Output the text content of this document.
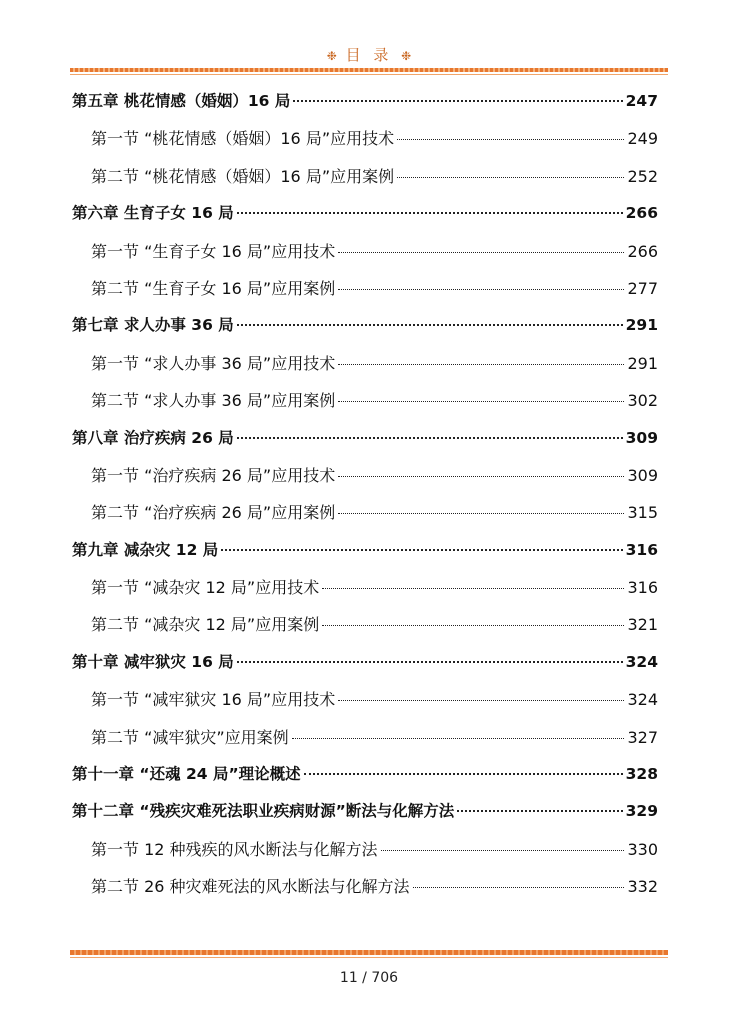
❉ 目 录 ❉
第五章 桃花情感（婚姻）16 局	247
第一节 “桃花情感（婚姻）16 局”应用技术	249
第二节 “桃花情感（婚姻）16 局”应用案例	252
第六章 生育子女 16 局	266
第一节 “生育子女 16 局”应用技术	266
第二节 “生育子女 16 局”应用案例	277
第七章 求人办事 36 局	291
第一节 “求人办事 36 局”应用技术	291
第二节 “求人办事 36 局”应用案例	302
第八章 治疗疾病 26 局	309
第一节 “治疗疾病 26 局”应用技术	309
第二节 “治疗疾病 26 局”应用案例	315
第九章 减杂灾 12 局	316
第一节 “减杂灾 12 局”应用技术	316
第二节 “减杂灾 12 局”应用案例	321
第十章 减牢狱灾 16 局	324
第一节 “减牢狱灾 16 局”应用技术	324
第二节 “减牢狱灾”应用案例	327
第十一章 “还魂 24 局”理论概述	328
第十二章 “残疾灾难死法职业疾病财源”断法与化解方法	329
第一节 12 种残疾的风水断法与化解方法	330
第二节 26 种灾难死法的风水断法与化解方法	332
11 / 706
